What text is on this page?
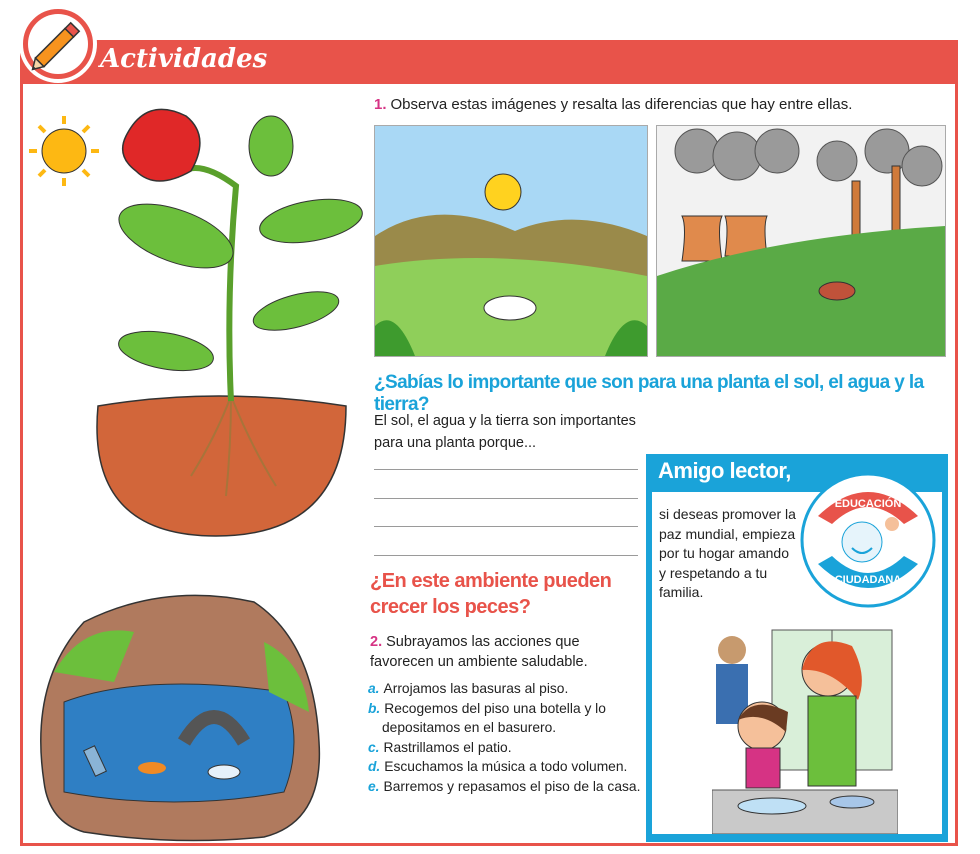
Actividades
1. Observa estas imágenes y resalta las diferencias que hay entre ellas.
¿Sabías lo importante que son para una planta el sol, el agua y la tierra?
El sol, el agua y la tierra son importantes para una planta porque...
¿En este ambiente pueden crecer los peces?
2. Subrayamos las acciones que favorecen un ambiente saludable.
a. Arrojamos las basuras al piso.
b. Recogemos del piso una botella y lo depositamos en el basurero.
c. Rastrillamos el patio.
d. Escuchamos la música a todo volumen.
e. Barremos y repasamos el piso de la casa.
Amigo lector,
si deseas promover la paz mundial, empieza por tu hogar amando y respetando a tu familia.
EDUCACIÓN
CIUDADANA
